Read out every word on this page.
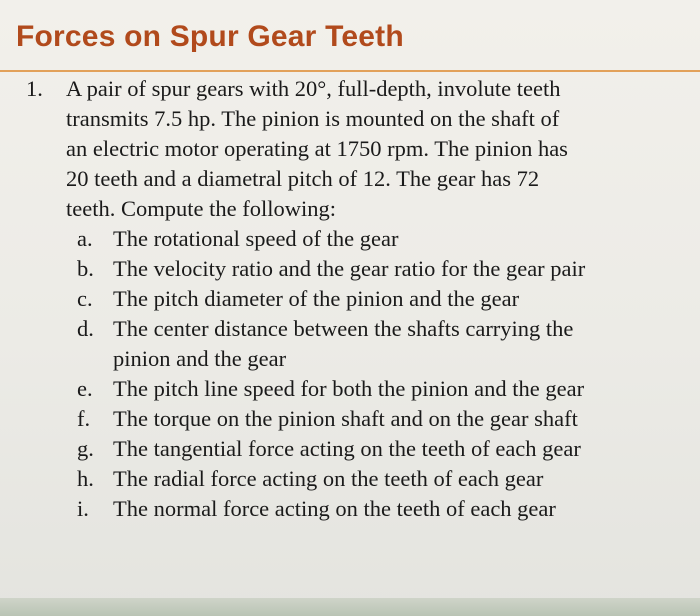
Forces on Spur Gear Teeth
1. A pair of spur gears with 20°, full-depth, involute teeth
transmits 7.5 hp. The pinion is mounted on the shaft of
an electric motor operating at 1750 rpm. The pinion has
20 teeth and a diametral pitch of 12. The gear has 72
teeth. Compute the following:
a. The rotational speed of the gear
b. The velocity ratio and the gear ratio for the gear pair
c. The pitch diameter of the pinion and the gear
d. The center distance between the shafts carrying the
pinion and the gear
e. The pitch line speed for both the pinion and the gear
f. The torque on the pinion shaft and on the gear shaft
g. The tangential force acting on the teeth of each gear
h. The radial force acting on the teeth of each gear
i. The normal force acting on the teeth of each gear
